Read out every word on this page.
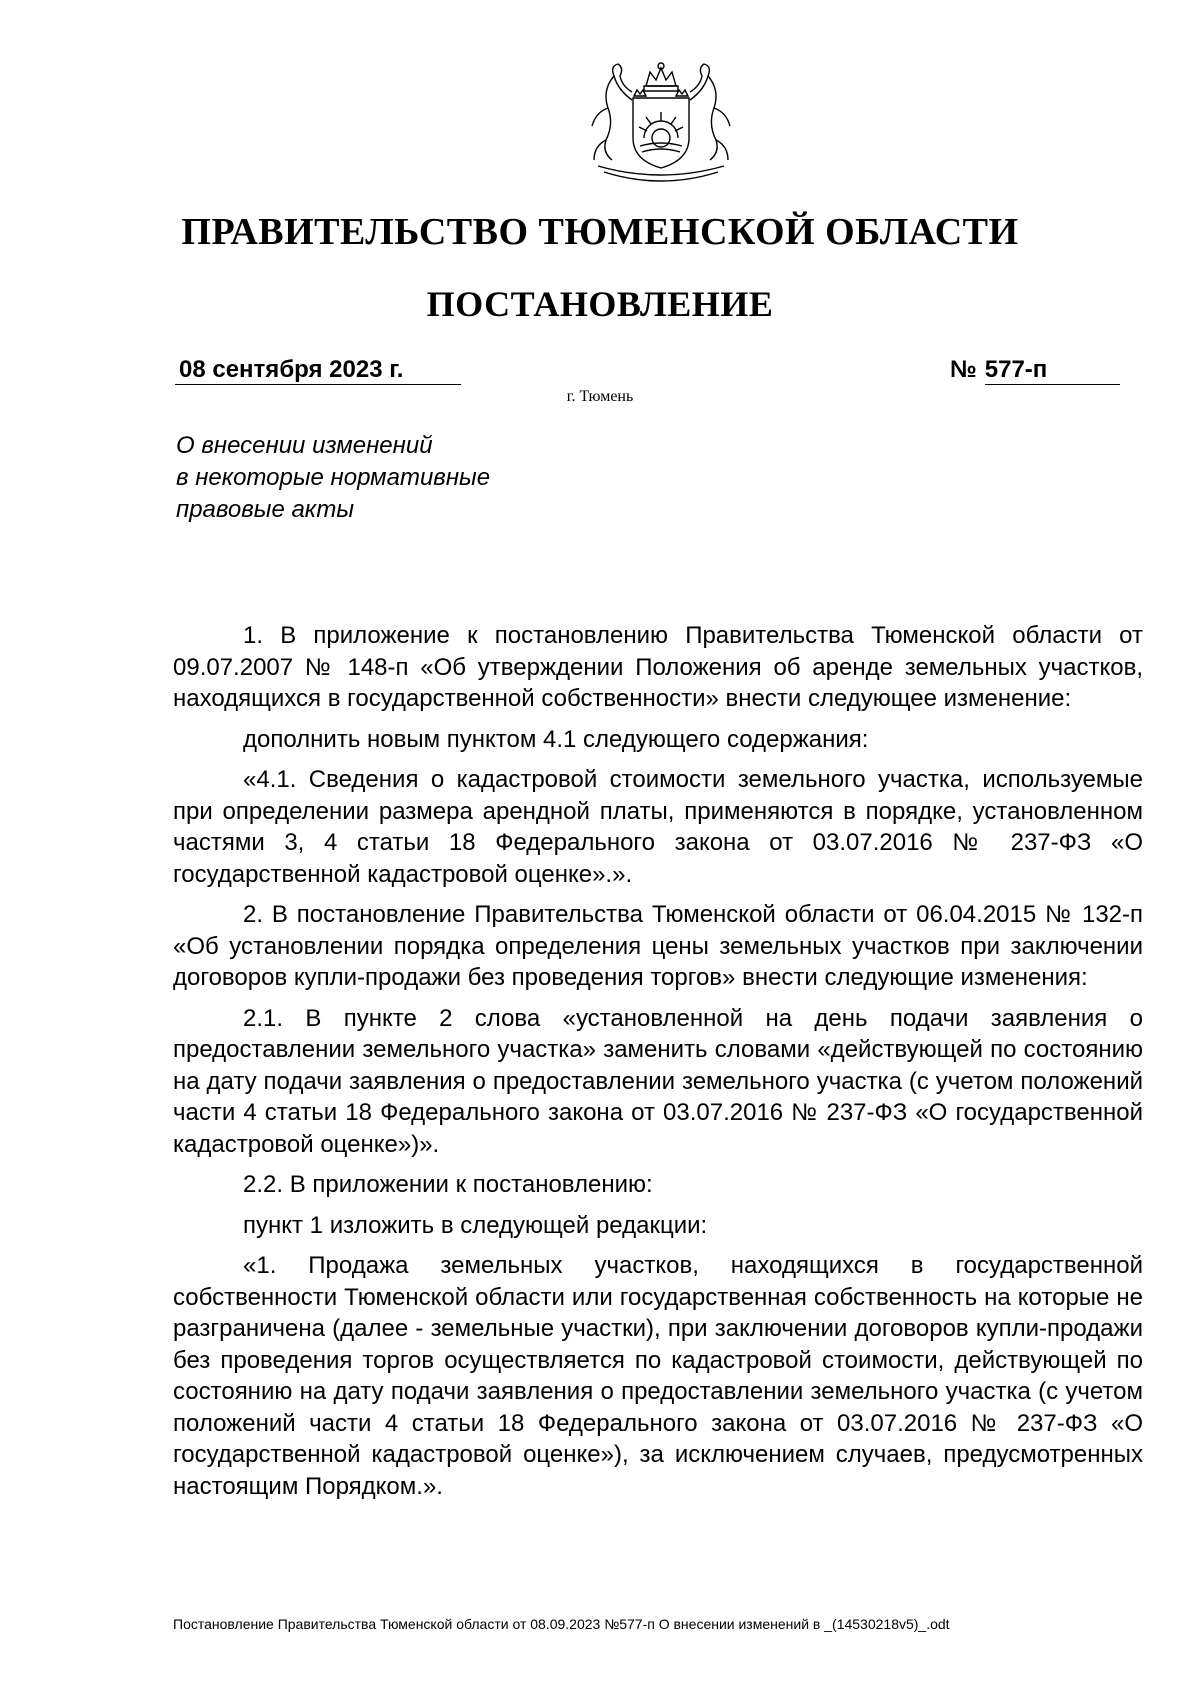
ПРАВИТЕЛЬСТВО ТЮМЕНСКОЙ ОБЛАСТИ
ПОСТАНОВЛЕНИЕ
08 сентября 2023 г.	№ 577-п
г. Тюмень
О внесении изменений
в некоторые нормативные
правовые акты

1. В приложение к постановлению Правительства Тюменской области от 09.07.2007 № 148-п «Об утверждении Положения об аренде земельных участков, находящихся в государственной собственности» внести следующее изменение:

дополнить новым пунктом 4.1 следующего содержания:

«4.1. Сведения о кадастровой стоимости земельного участка, используемые при определении размера арендной платы, применяются в порядке, установленном частями 3, 4 статьи 18 Федерального закона от 03.07.2016 № 237-ФЗ «О государственной кадастровой оценке».».

2. В постановление Правительства Тюменской области от 06.04.2015 № 132-п «Об установлении порядка определения цены земельных участков при заключении договоров купли-продажи без проведения торгов» внести следующие изменения:

2.1. В пункте 2 слова «установленной на день подачи заявления о предоставлении земельного участка» заменить словами «действующей по состоянию на дату подачи заявления о предоставлении земельного участка (с учетом положений части 4 статьи 18 Федерального закона от 03.07.2016 № 237-ФЗ «О государственной кадастровой оценке»)».

2.2. В приложении к постановлению:

пункт 1 изложить в следующей редакции:

«1. Продажа земельных участков, находящихся в государственной собственности Тюменской области или государственная собственность на которые не разграничена (далее - земельные участки), при заключении договоров купли-продажи без проведения торгов осуществляется по кадастровой стоимости, действующей по состоянию на дату подачи заявления о предоставлении земельного участка (с учетом положений части 4 статьи 18 Федерального закона от 03.07.2016 № 237-ФЗ «О государственной кадастровой оценке»), за исключением случаев, предусмотренных настоящим Порядком.».

Постановление Правительства Тюменской области от 08.09.2023 №577-п О внесении изменений в _(14530218v5)_.odt
